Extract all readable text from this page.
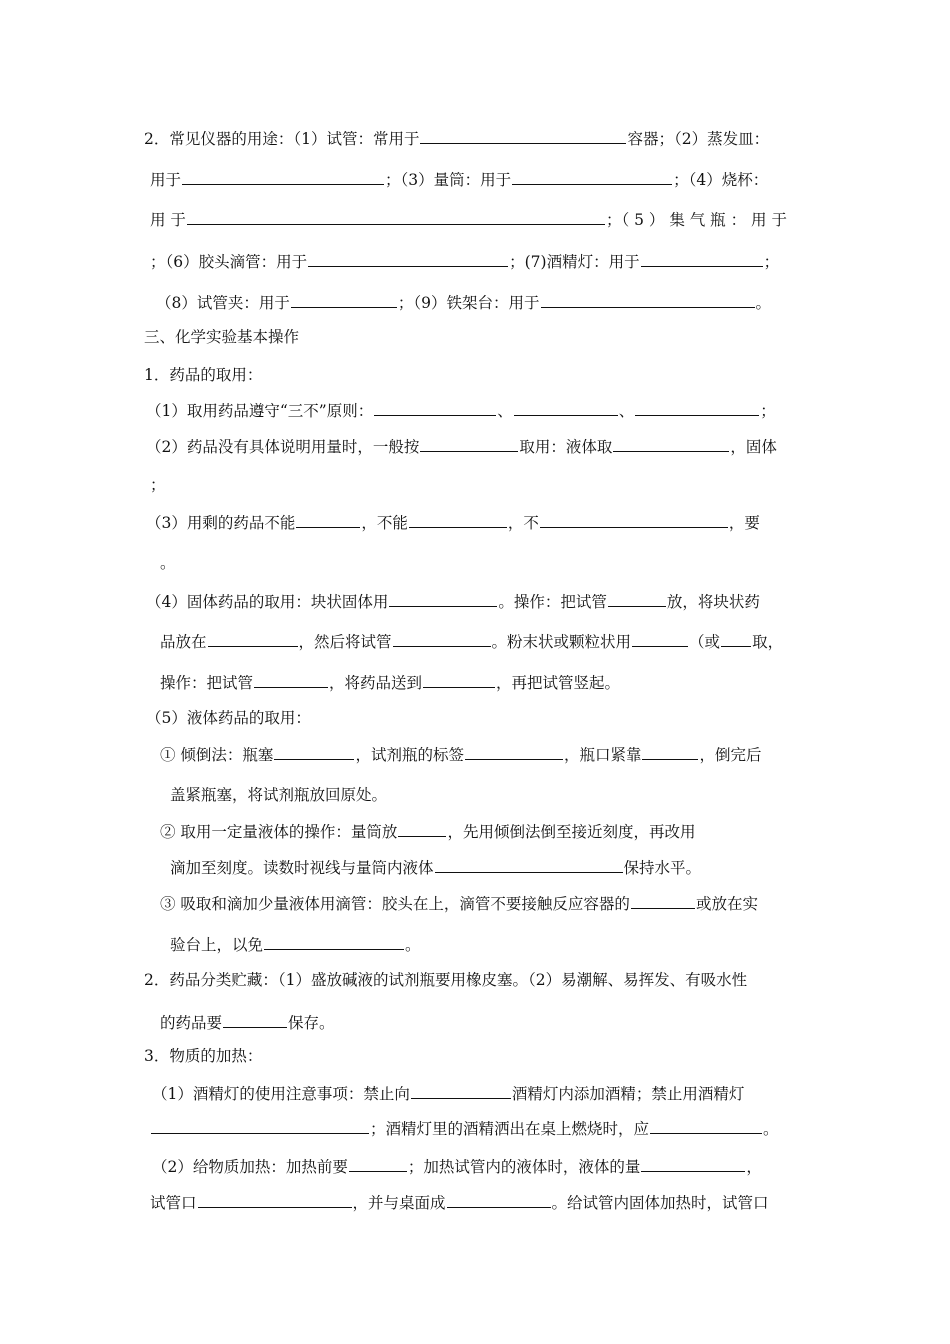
2．常见仪器的用途：（1）试管：常用于	容器；（2）蒸发皿：
用于	；（3）量筒：用于	；（4）烧杯：
用 于	；（ 5 ） 集 气 瓶 ： 用 于
；（6）胶头滴管：用于	；(7)酒精灯：用于	；
（8）试管夹：用于	；（9）铁架台：用于	。
三、化学实验基本操作
1．药品的取用：
（1）取用药品遵守“三不”原则：	、	、	；
（2）药品没有具体说明用量时，一般按	取用：液体取	，固体
；
（3）用剩的药品不能	，不能	，不	，要
。
（4）固体药品的取用：块状固体用	。操作：把试管	放，将块状药
品放在	，然后将试管	。粉末状或颗粒状用	（或 取，
操作：把试管	，将药品送到	，再把试管竖起。
（5）液体药品的取用：
① 倾倒法：瓶塞	，试剂瓶的标签	，瓶口紧靠	，倒完后
盖紧瓶塞，将试剂瓶放回原处。
② 取用一定量液体的操作：量筒放	，先用倾倒法倒至接近刻度，再改用
滴加至刻度。读数时视线与量筒内液体	保持水平。
③ 吸取和滴加少量液体用滴管：胶头在上，滴管不要接触反应容器的	或放在实
验台上，以免	。
2．药品分类贮藏：（1）盛放碱液的试剂瓶要用橡皮塞。（2）易潮解、易挥发、有吸水性
的药品要	保存。
3．物质的加热：
（1）酒精灯的使用注意事项：禁止向	酒精灯内添加酒精；禁止用酒精灯
；酒精灯里的酒精洒出在桌上燃烧时，应	。
（2）给物质加热：加热前要	；加热试管内的液体时，液体的量	，
试管口	，并与桌面成	。给试管内固体加热时，试管口
